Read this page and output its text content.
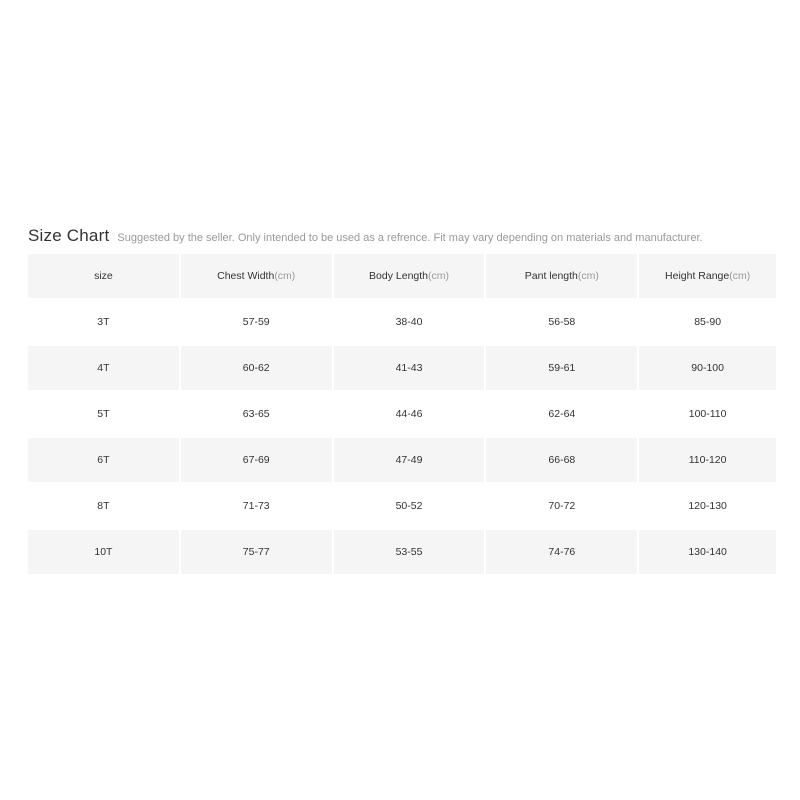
Size Chart Suggested by the seller. Only intended to be used as a refrence. Fit may vary depending on materials and manufacturer.
size	Chest Width(cm)	Body Length(cm)	Pant length(cm)	Height Range(cm)
3T	57-59	38-40	56-58	85-90
4T	60-62	41-43	59-61	90-100
5T	63-65	44-46	62-64	100-110
6T	67-69	47-49	66-68	110-120
8T	71-73	50-52	70-72	120-130
10T	75-77	53-55	74-76	130-140
